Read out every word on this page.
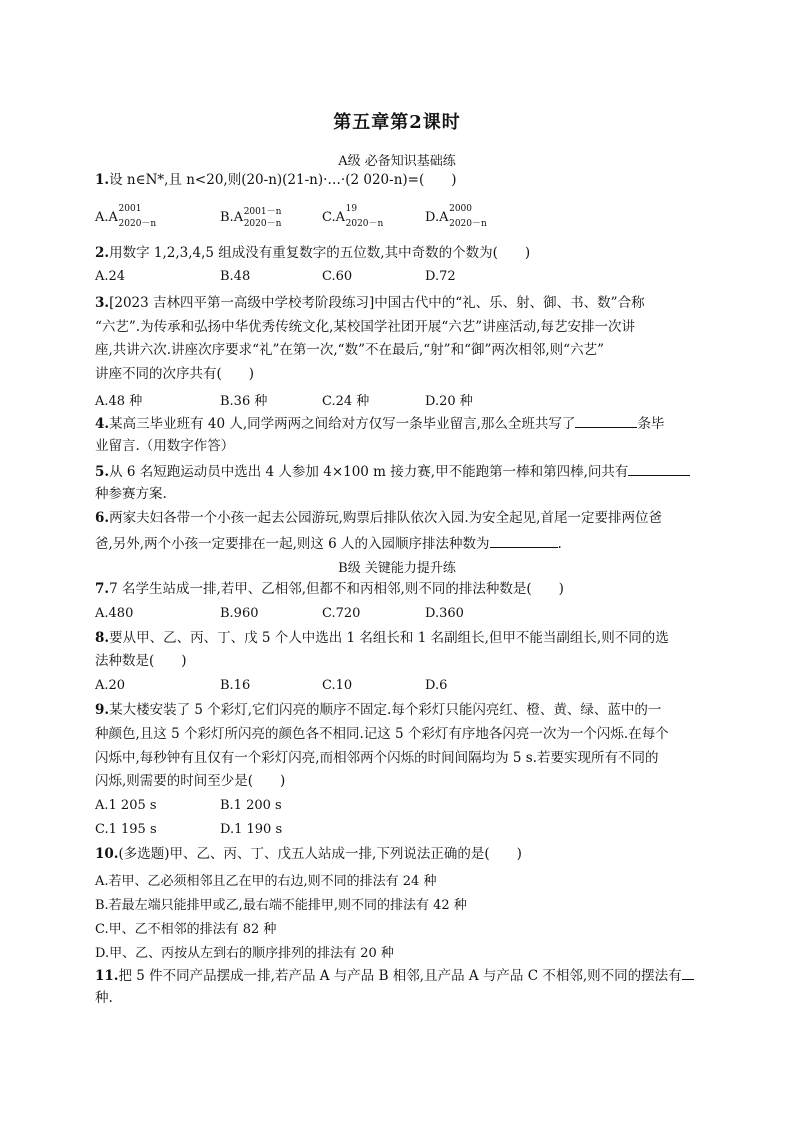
第五章第2课时
A级 必备知识基础练
1.设 n∈N*,且 n<20,则(20-n)(21-n)·…·(2 020-n)=(　　)
A.A
2001
2020－n	B.A 2001－n
2020－n	C.A
19
2020－n	D.A
2000
2020－n
2.用数字 1,2,3,4,5 组成没有重复数字的五位数,其中奇数的个数为(　　)
A.24	B.48	C.60	D.72
3.[2023 吉林四平第一高级中学校考阶段练习]中国古代中的“礼、乐、射、御、书、数”合称
“六艺”.为传承和弘扬中华优秀传统文化,某校国学社团开展“六艺”讲座活动,每艺安排一次讲
座,共讲六次.讲座次序要求“礼”在第一次,“数”不在最后,“射”和“御”两次相邻,则“六艺”
讲座不同的次序共有(　　)
A.48 种	B.36 种	C.24 种	D.20 种
4.某高三毕业班有 40 人,同学两两之间给对方仅写一条毕业留言,那么全班共写了	条毕
业留言.（用数字作答）
5.从 6 名短跑运动员中选出 4 人参加 4×100 m 接力赛,甲不能跑第一棒和第四棒,问共有
种参赛方案.
6.两家夫妇各带一个小孩一起去公园游玩,购票后排队依次入园.为安全起见,首尾一定要排两位爸
爸,另外,两个小孩一定要排在一起,则这 6 人的入园顺序排法种数为	.
B级 关键能力提升练
7.7 名学生站成一排,若甲、乙相邻,但都不和丙相邻,则不同的排法种数是(　　)
A.480	B.960	C.720	D.360
8.要从甲、乙、丙、丁、戊 5 个人中选出 1 名组长和 1 名副组长,但甲不能当副组长,则不同的选
法种数是(　　)
A.20	B.16	C.10	D.6
9.某大楼安装了 5 个彩灯,它们闪亮的顺序不固定.每个彩灯只能闪亮红、橙、黄、绿、蓝中的一
种颜色,且这 5 个彩灯所闪亮的颜色各不相同.记这 5 个彩灯有序地各闪亮一次为一个闪烁.在每个
闪烁中,每秒钟有且仅有一个彩灯闪亮,而相邻两个闪烁的时间间隔均为 5 s.若要实现所有不同的
闪烁,则需要的时间至少是(　　)
A.1 205 s	B.1 200 s
C.1 195 s	D.1 190 s
10.(多选题)甲、乙、丙、丁、戊五人站成一排,下列说法正确的是(　　)
A.若甲、乙必须相邻且乙在甲的右边,则不同的排法有 24 种
B.若最左端只能排甲或乙,最右端不能排甲,则不同的排法有 42 种
C.甲、乙不相邻的排法有 82 种
D.甲、乙、丙按从左到右的顺序排列的排法有 20 种
11.把 5 件不同产品摆成一排,若产品 A 与产品 B 相邻,且产品 A 与产品 C 不相邻,则不同的摆法有
种.
